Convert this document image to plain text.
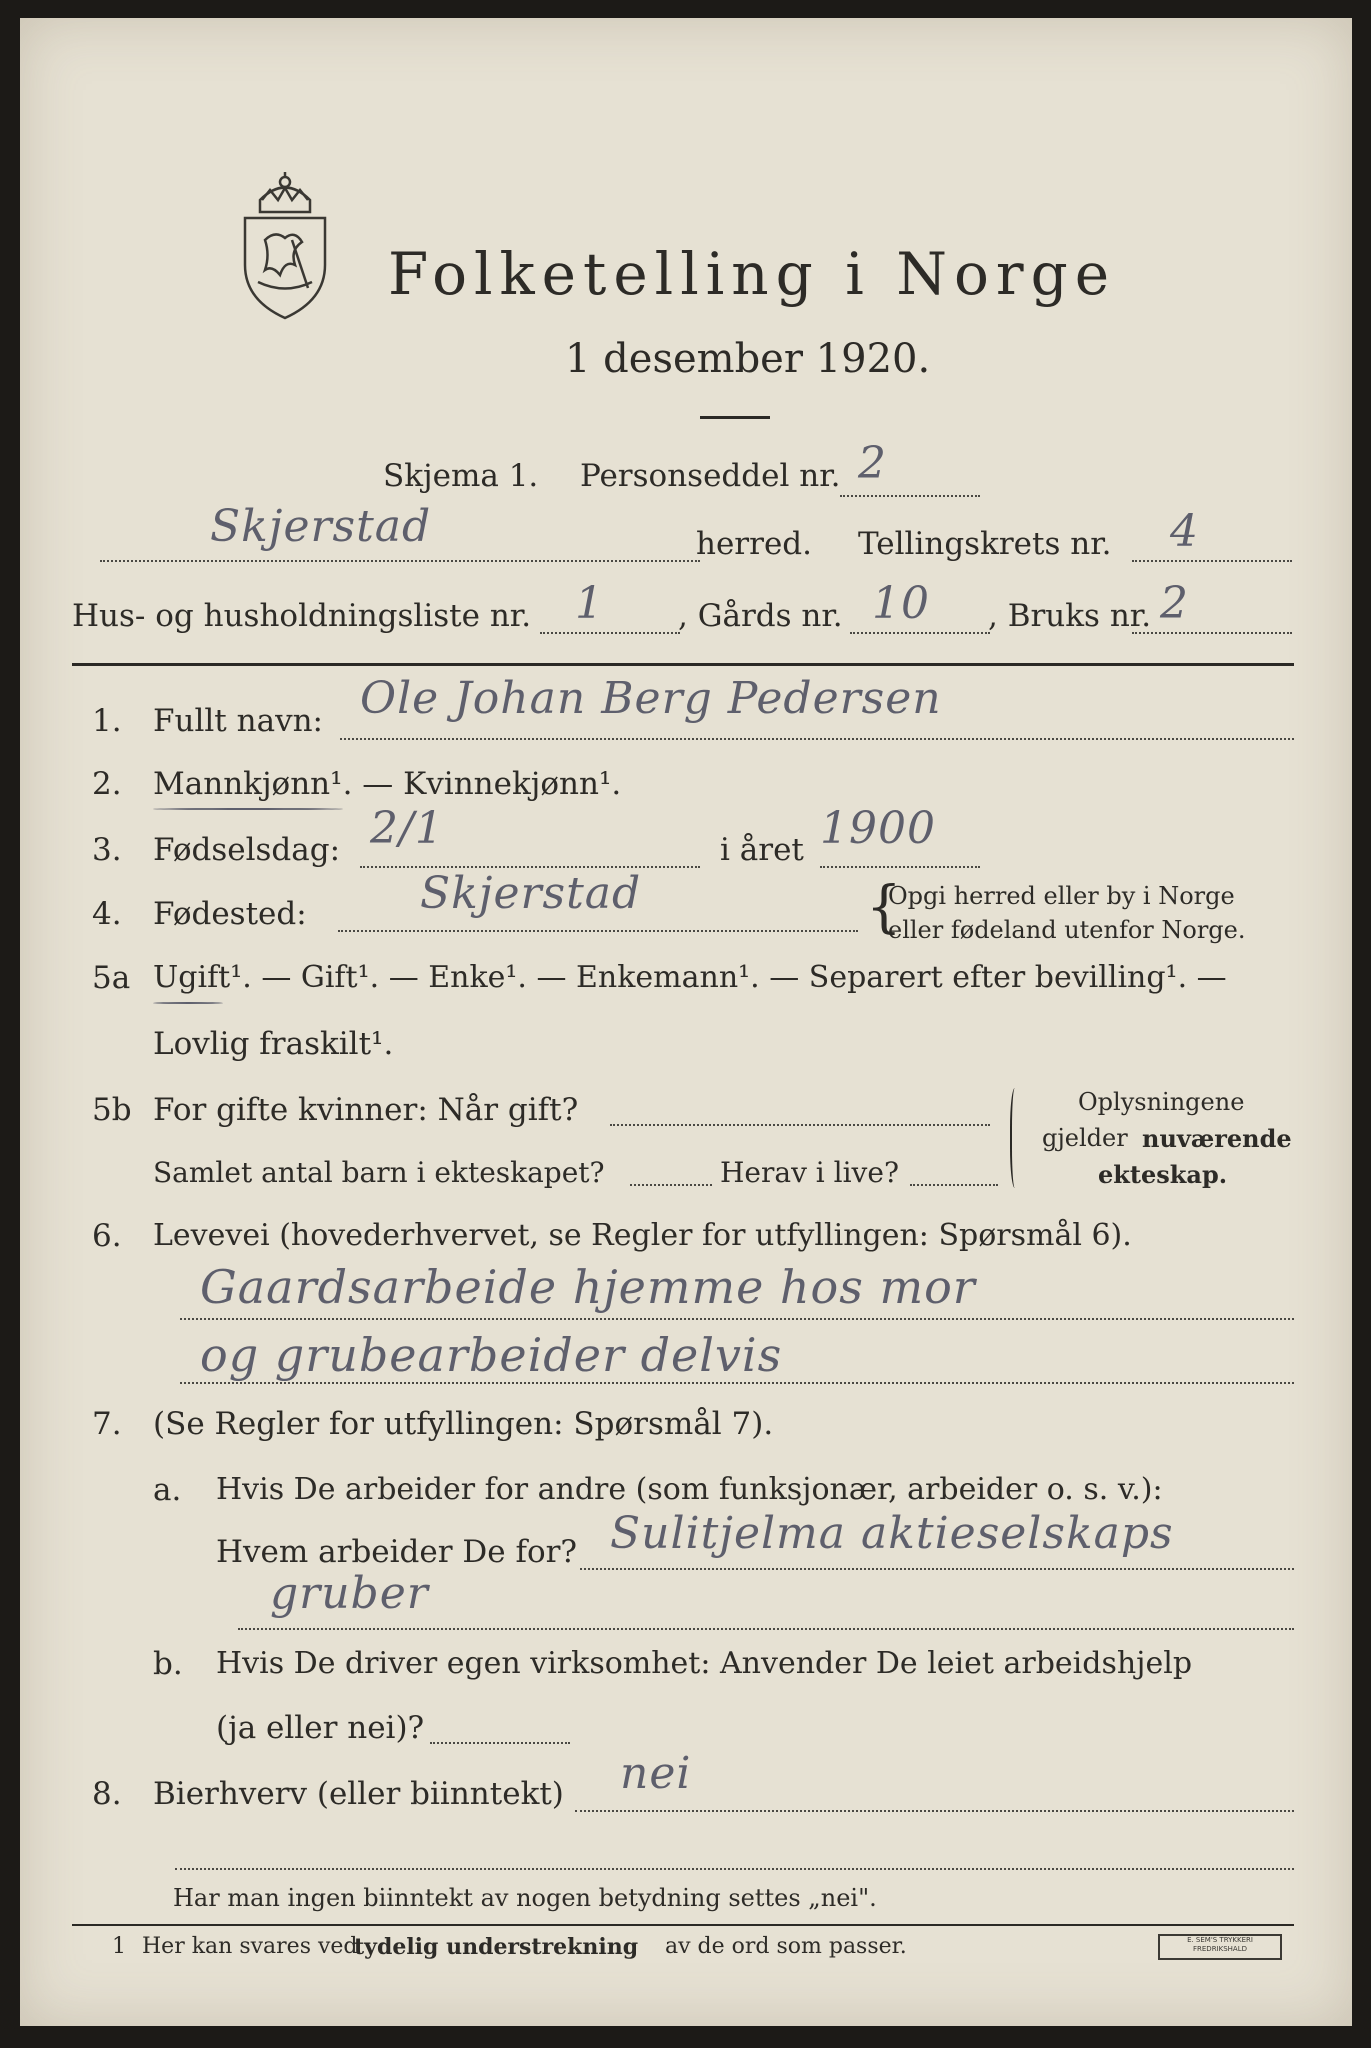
Folketelling i Norge
1 desember 1920.
Skjema 1. Personseddel nr. 2
Skjerstad	herred. Tellingskrets nr. 4
Hus- og husholdningsliste nr. 1 , Gårds nr. 10 , Bruks nr. 2
1. Fullt navn: Ole Johan Berg Pedersen
2. Mannkjønn¹. — Kvinnekjønn¹.
3. Fødselsdag: 2/1	i året 1900
4. Fødested:	Skjerstad	{
Opgi herred eller by i Norge
eller fødeland utenfor Norge.
5a Ugift¹. — Gift¹. — Enke¹. — Enkemann¹. — Separert efter bevilling¹. —
Lovlig fraskilt¹.
5b For gifte kvinner: Når gift?
Samlet antal barn i ekteskapet?	Herav i live?
Oplysningene
gjelder nuværende
ekteskap.
6. Levevei (hovederhvervet, se Regler for utfyllingen: Spørsmål 6).
Gaardsarbeide hjemme hos mor
og grubearbeider delvis
7. (Se Regler for utfyllingen: Spørsmål 7).
a. Hvis De arbeider for andre (som funksjonær, arbeider o. s. v.):
Hvem arbeider De for? Sulitjelma aktieselskaps
gruber
b. Hvis De driver egen virksomhet: Anvender De leiet arbeidshjelp
(ja eller nei)?
8. Bierhverv (eller biinntekt) nei
Har man ingen biinntekt av nogen betydning settes „nei".
1 Her kan svares ved
tydelig understrekning av de ord som passer.	E. SEM'S TRYKKERI
FREDRIKSHALD
